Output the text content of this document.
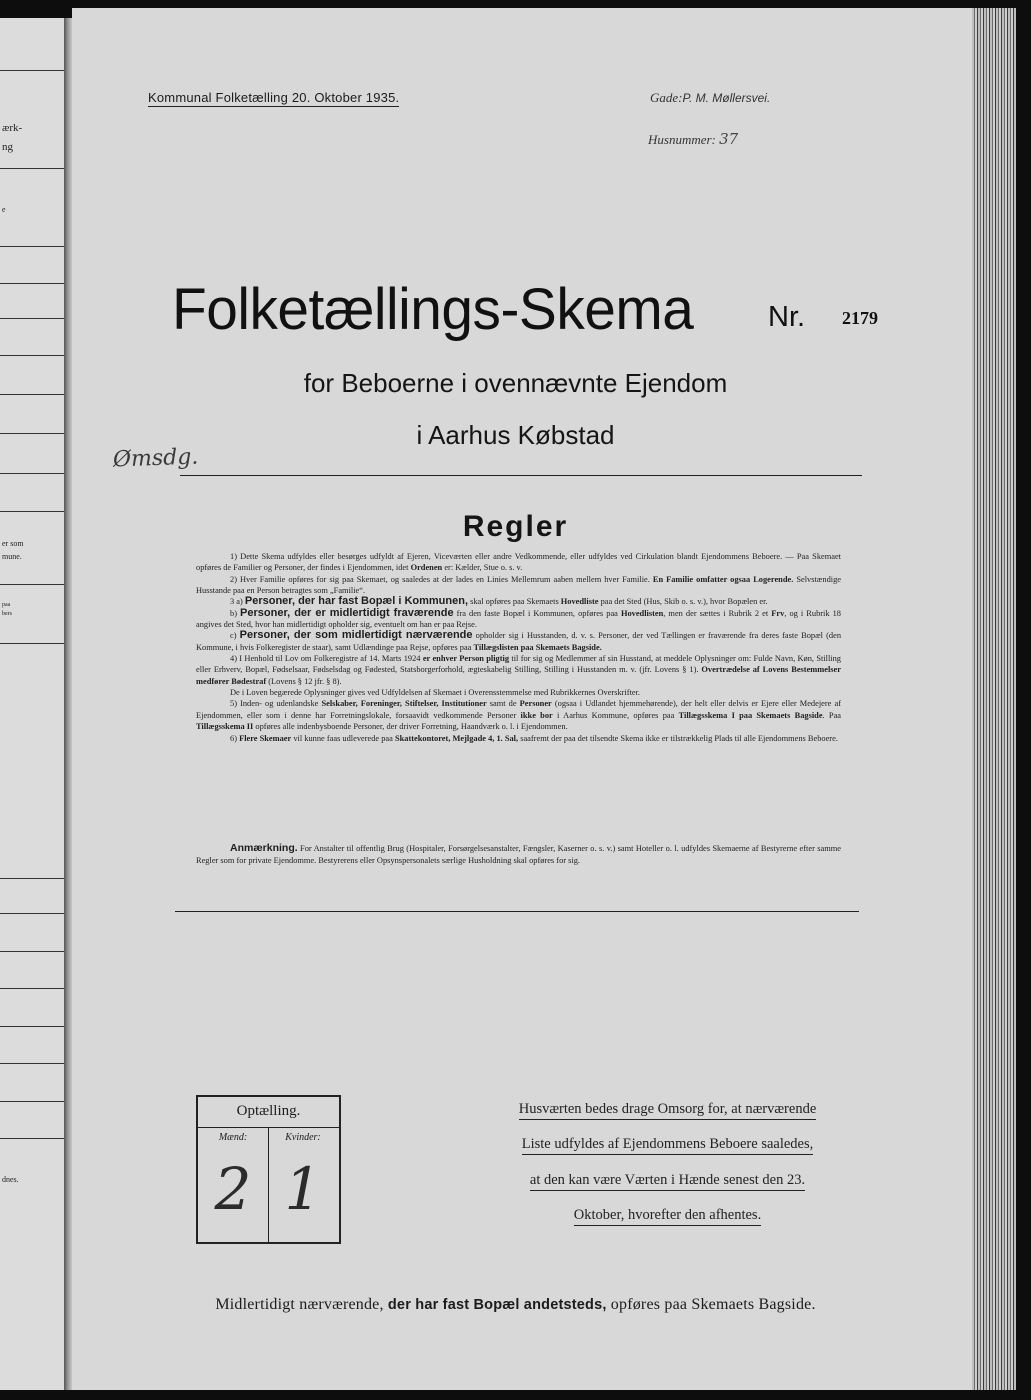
ærk-
ng
e
er som
mune.
paa
bers
dnes.
Kommunal Folketælling 20. Oktober 1935.	Gade:P. M. Møllersvei.
Husnummer: 37
Folketællings-Skema	Nr. 2179
for Beboerne i ovennævnte Ejendom
i Aarhus Købstad
Ømsdg.
Regler

1) Dette Skema udfyldes eller besørges udfyldt af Ejeren, Viceværten eller andre Vedkommende, eller udfyldes ved Cirkulation blandt Ejendommens Beboere. — Paa Skemaet opføres de Familier og Personer, der findes i Ejendommen, idet Ordenen er: Kælder, Stue o. s. v.

2) Hver Familie opføres for sig paa Skemaet, og saaledes at der lades en Linies Mellemrum aaben mellem hver Familie. En Familie omfatter ogsaa Logerende. Selvstændige Husstande paa en Person betragtes som „Familie“.

3 a) Personer, der har fast Bopæl i Kommunen, skal opføres paa Skemaets Hovedliste paa det Sted (Hus, Skib o. s. v.), hvor Bopælen er.

b) Personer, der er midlertidigt fraværende fra den faste Bopæl i Kommunen, opføres paa Hovedlisten, men der sættes i Rubrik 2 et Frv, og i Rubrik 18 angives det Sted, hvor han midlertidigt opholder sig, eventuelt om han er paa Rejse.

c) Personer, der som midlertidigt nærværende opholder sig i Husstanden, d. v. s. Personer, der ved Tællingen er fraværende fra deres faste Bopæl (den Kommune, i hvis Folkeregister de staar), samt Udlændinge paa Rejse, opføres paa Tillægslisten paa Skemaets Bagside.

4) I Henhold til Lov om Folkeregistre af 14. Marts 1924 er enhver Person pligtig til for sig og Medlemmer af sin Husstand, at meddele Oplysninger om: Fulde Navn, Køn, Stilling eller Erhverv, Bopæl, Fødselsaar, Fødselsdag og Fødested, Statsborgerforhold, ægteskabelig Stilling, Stilling i Husstanden m. v. (jfr. Lovens § 1). Overtrædelse af Lovens Bestemmelser medfører Bødestraf (Lovens § 12 jfr. § 8).

De i Loven begærede Oplysninger gives ved Udfyldelsen af Skemaet i Overensstemmelse med Rubrikkernes Overskrifter.

5) Inden- og udenlandske Selskaber, Foreninger, Stiftelser, Institutioner samt de Personer (ogsaa i Udlandet hjemmehørende), der helt eller delvis er Ejere eller Medejere af Ejendommen, eller som i denne har Forretningslokale, forsaavidt vedkommende Personer ikke bor i Aarhus Kommune, opføres paa Tillægsskema I paa Skemaets Bagside. Paa Tillægsskema II opføres alle indenbysboende Personer, der driver Forretning, Haandværk o. l. i Ejendommen.

6) Flere Skemaer vil kunne faas udleverede paa Skattekontoret, Mejlgade 4, 1. Sal, saafremt der paa det tilsendte Skema ikke er tilstrækkelig Plads til alle Ejendommens Beboere.

Anmærkning. For Anstalter til offentlig Brug (Hospitaler, Forsørgelsesanstalter, Fængsler, Kaserner o. s. v.) samt Hoteller o. l. udfyldes Skemaerne af Bestyrerne efter samme Regler som for private Ejendomme. Bestyrerens eller Opsynspersonalets særlige Husholdning skal opføres for sig.
Optælling.
Mænd:	Kvinder:
2 1
Husværten bedes drage Omsorg for, at nærværende
Liste udfyldes af Ejendommens Beboere saaledes,
at den kan være Værten i Hænde senest den 23.
Oktober, hvorefter den afhentes.
Midlertidigt nærværende, der har fast Bopæl andetsteds, opføres paa Skemaets Bagside.
